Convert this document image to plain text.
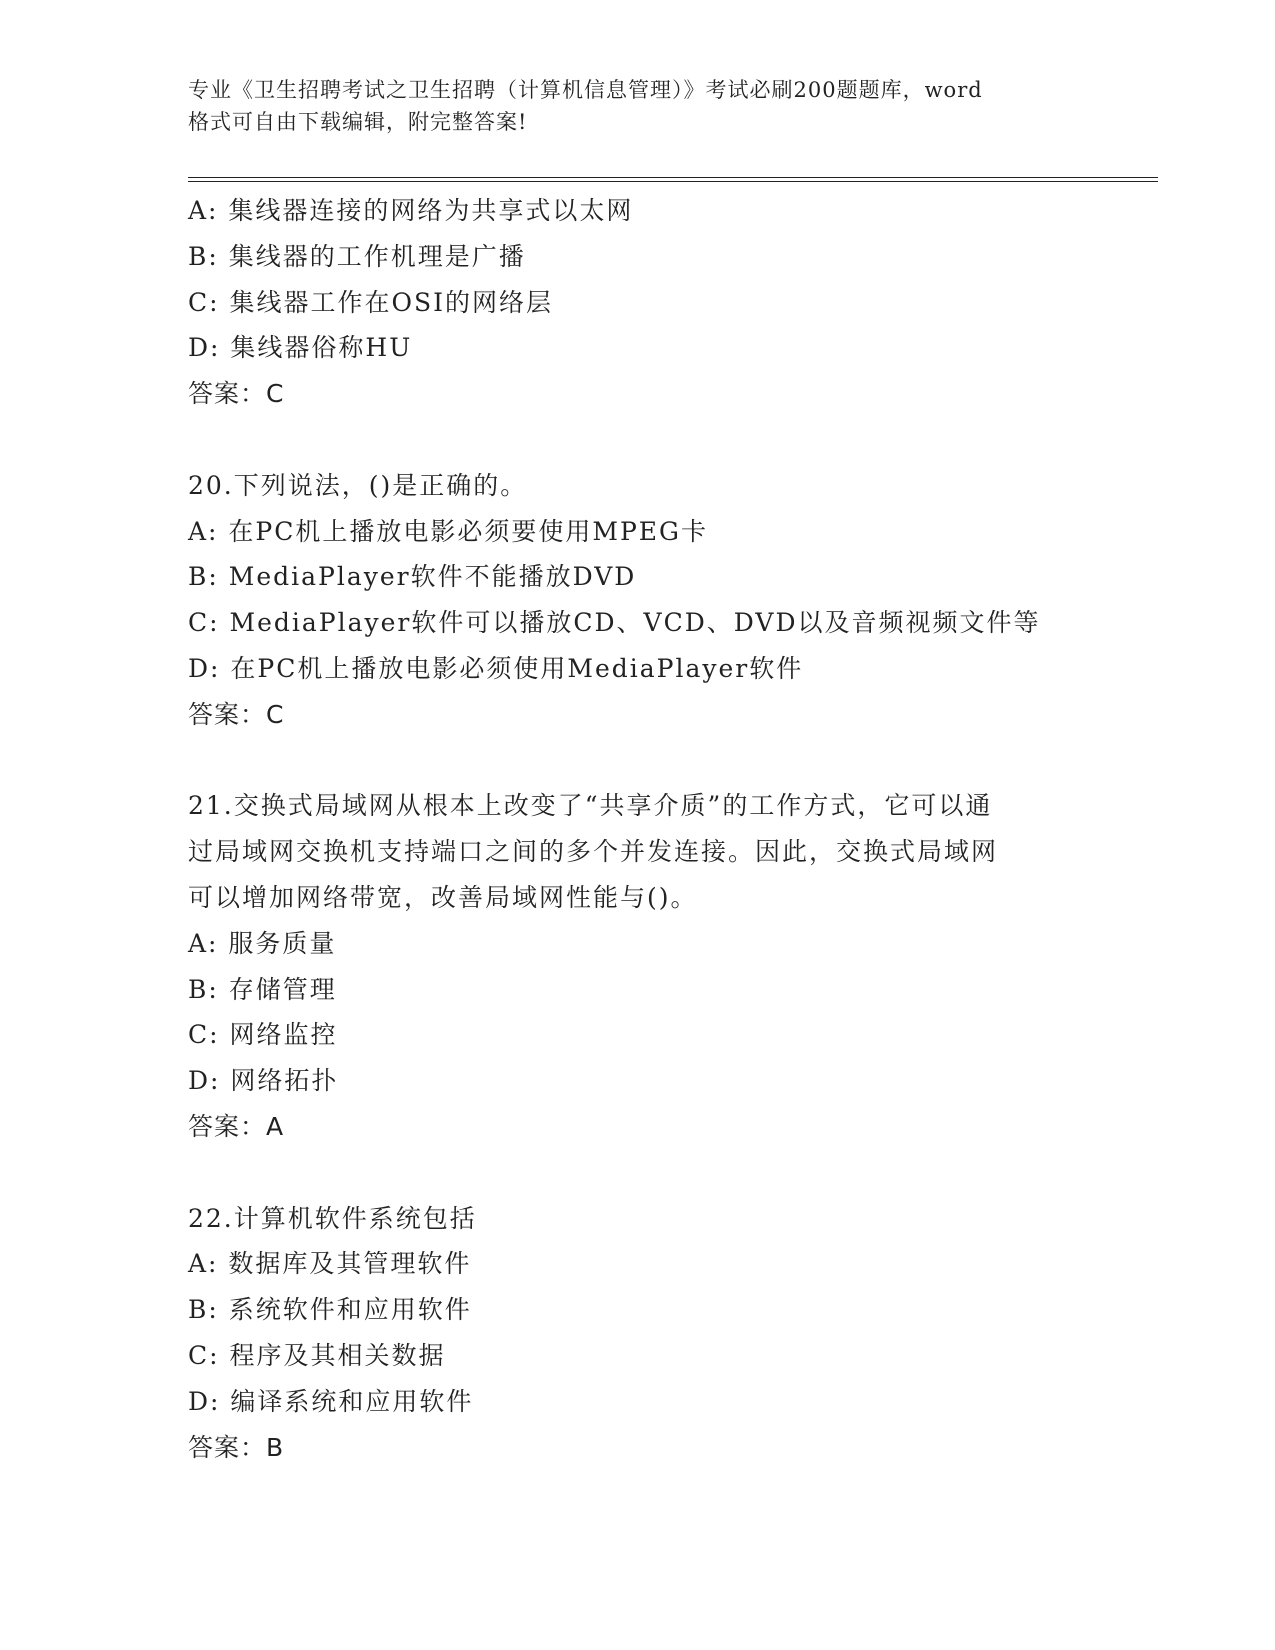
专业《卫生招聘考试之卫生招聘（计算机信息管理）》考试必刷200题题库，word
格式可自由下载编辑，附完整答案!

A: 集线器连接的网络为共享式以太网

B: 集线器的工作机理是广播

C: 集线器工作在OSI的网络层

D: 集线器俗称HU

答案：C

20.下列说法，()是正确的。

A: 在PC机上播放电影必须要使用MPEG卡

B: MediaPlayer软件不能播放DVD

C: MediaPlayer软件可以播放CD、VCD、DVD以及音频视频文件等

D: 在PC机上播放电影必须使用MediaPlayer软件

答案：C

21.交换式局域网从根本上改变了“共享介质”的工作方式，它可以通

过局域网交换机支持端口之间的多个并发连接。因此，交换式局域网

可以增加网络带宽，改善局域网性能与()。

A: 服务质量

B: 存储管理

C: 网络监控

D: 网络拓扑

答案：A

22.计算机软件系统包括

A: 数据库及其管理软件

B: 系统软件和应用软件

C: 程序及其相关数据

D: 编译系统和应用软件

答案：B
